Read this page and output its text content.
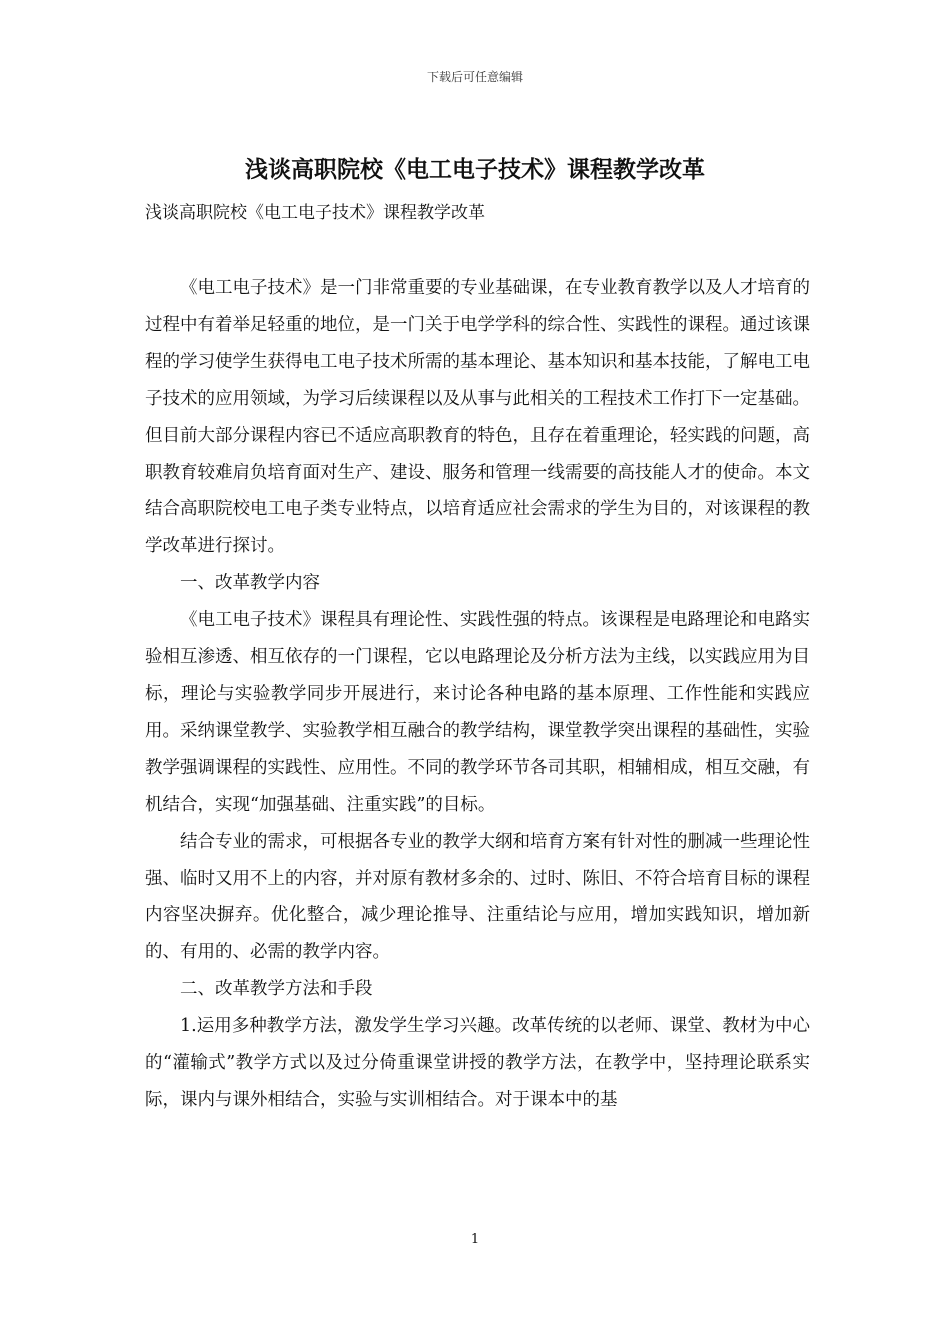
下载后可任意编辑
浅谈高职院校《电工电子技术》课程教学改革

浅谈高职院校《电工电子技术》课程教学改革

《电工电子技术》是一门非常重要的专业基础课，在专业教育教学以及人才培育的过程中有着举足轻重的地位，是一门关于电学学科的综合性、实践性的课程。通过该课程的学习使学生获得电工电子技术所需的基本理论、基本知识和基本技能，了解电工电子技术的应用领域，为学习后续课程以及从事与此相关的工程技术工作打下一定基础。但目前大部分课程内容已不适应高职教育的特色，且存在着重理论，轻实践的问题，高职教育较难肩负培育面对生产、建设、服务和管理一线需要的高技能人才的使命。本文结合高职院校电工电子类专业特点，以培育适应社会需求的学生为目的，对该课程的教学改革进行探讨。

一、改革教学内容

《电工电子技术》课程具有理论性、实践性强的特点。该课程是电路理论和电路实验相互渗透、相互依存的一门课程，它以电路理论及分析方法为主线，以实践应用为目标，理论与实验教学同步开展进行，来讨论各种电路的基本原理、工作性能和实践应用。采纳课堂教学、实验教学相互融合的教学结构，课堂教学突出课程的基础性，实验教学强调课程的实践性、应用性。不同的教学环节各司其职，相辅相成，相互交融，有机结合，实现“加强基础、注重实践”的目标。

结合专业的需求，可根据各专业的教学大纲和培育方案有针对性的删减一些理论性强、临时又用不上的内容，并对原有教材多余的、过时、陈旧、不符合培育目标的课程内容坚决摒弃。优化整合，减少理论推导、注重结论与应用，增加实践知识，增加新的、有用的、必需的教学内容。

二、改革教学方法和手段

1.运用多种教学方法，激发学生学习兴趣。改革传统的以老师、课堂、教材为中心的“灌输式”教学方式以及过分倚重课堂讲授的教学方法，在教学中，坚持理论联系实际，课内与课外相结合，实验与实训相结合。对于课本中的基

1
